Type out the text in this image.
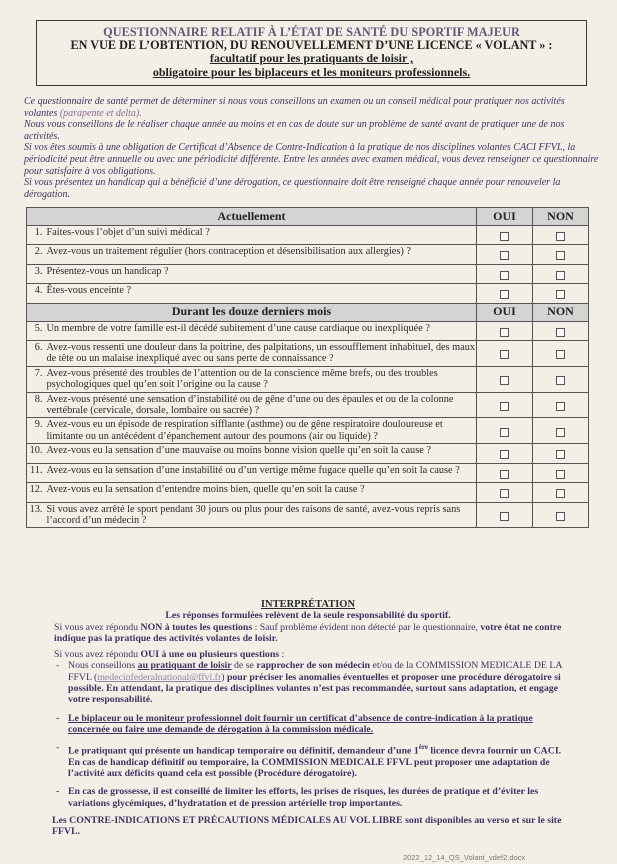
QUESTIONNAIRE RELATIF À L’ÉTAT DE SANTÉ DU SPORTIF MAJEUR
EN VUE DE L’OBTENTION, DU RENOUVELLEMENT D’UNE LICENCE « VOLANT » :
facultatif pour les pratiquants de loisir ,
obligatoire pour les biplaceurs et les moniteurs professionnels.

Ce questionnaire de santé permet de déterminer si nous vous conseillons un examen ou un conseil médical pour pratiquer nos activités volantes (parapente et delta).

Nous vous conseillons de le réaliser chaque année au moins et en cas de doute sur un problème de santé avant de pratiquer une de nos activités.

Si vos êtes soumis à une obligation de Certificat d’Absence de Contre-Indication à la pratique de nos disciplines volantes CACI FFVL, la périodicité peut être annuelle ou avec une périodicité différente. Entre les années avec examen médical, vous devez renseigner ce questionnaire pour satisfaire à vos obligations.

Si vous présentez un handicap qui a bénéficié d’une dérogation, ce questionnaire doit être renseigné chaque année pour renouveler la dérogation.

Actuellement		OUI	NON
1.	Faites-vous l’objet d’un suivi médical ?		
2.	Avez-vous un traitement régulier (hors contraception et désensibilisation aux allergies) ?		
3.	Présentez-vous un handicap ?		
4.	Êtes-vous enceinte ?		
Durant les douze derniers mois		OUI	NON
5.	Un membre de votre famille est-il décédé subitement d’une cause cardiaque ou inexpliquée ?		
6.	Avez-vous ressenti une douleur dans la poitrine, des palpitations, un essoufflement inhabituel, des maux de tête ou un malaise inexpliqué avec ou sans perte de connaissance ?		
7.	Avez-vous présenté des troubles de l’attention ou de la conscience même brefs, ou des troubles psychologiques quel qu’en soit l’origine ou la cause ?		
8.	Avez-vous présenté une sensation d’instabilité ou de gêne d’une ou des épaules et ou de la colonne vertébrale (cervicale, dorsale, lombaire ou sacrée) ?		
9.	Avez-vous eu un épisode de respiration sifflante (asthme) ou de gêne respiratoire douloureuse et limitante ou un antécédent d’épanchement autour des poumons (air ou liquide) ?		
10.	Avez-vous eu la sensation d’une mauvaise ou moins bonne vision quelle qu’en soit la cause ?		
11.	Avez-vous eu la sensation d’une instabilité ou d’un vertige même fugace quelle qu’en soit la cause ?		
12.	Avez-vous eu la sensation d’entendre moins bien, quelle qu’en soit la cause ?		
13.	Si vous avez arrêté le sport pendant 30 jours ou plus pour des raisons de santé, avez-vous repris sans l’accord d’un médecin ?		
INTERPRÉTATION
Les réponses formulées relèvent de la seule responsabilité du sportif.

Si vous avez répondu NON à toutes les questions : Sauf problème évident non détecté par le questionnaire, votre état ne contre indique pas la pratique des activités volantes de loisir.

Si vous avez répondu OUI à une ou plusieurs questions :

- Nous conseillons au pratiquant de loisir de se rapprocher de son médecin et/ou de la COMMISSION MEDICALE DE LA FFVL (medecinfederalnational@ffvl.fr) pour préciser les anomalies éventuelles et proposer une procédure dérogatoire si possible. En attendant, la pratique des disciplines volantes n’est pas recommandée, surtout sans adaptation, et engage votre responsabilité.
- Le biplaceur ou le moniteur professionnel doit fournir un certificat d’absence de contre-indication à la pratique concernée ou faire une demande de dérogation à la commission médicale.
- Le pratiquant qui présente un handicap temporaire ou définitif, demandeur d’une 1ère licence devra fournir un CACI. En cas de handicap définitif ou temporaire, la COMMISSION MEDICALE FFVL peut proposer une adaptation de l’activité aux déficits quand cela est possible (Procédure dérogatoire).
- En cas de grossesse, il est conseillé de limiter les efforts, les prises de risques, les durées de pratique et d’éviter les variations glycémiques, d’hydratation et de pression artérielle trop importantes.

Les CONTRE-INDICATIONS ET PRÉCAUTIONS MÉDICALES AU VOL LIBRE sont disponibles au verso et sur le site FFVL.

2022_12_14_QS_Volant_vdef2.docx
